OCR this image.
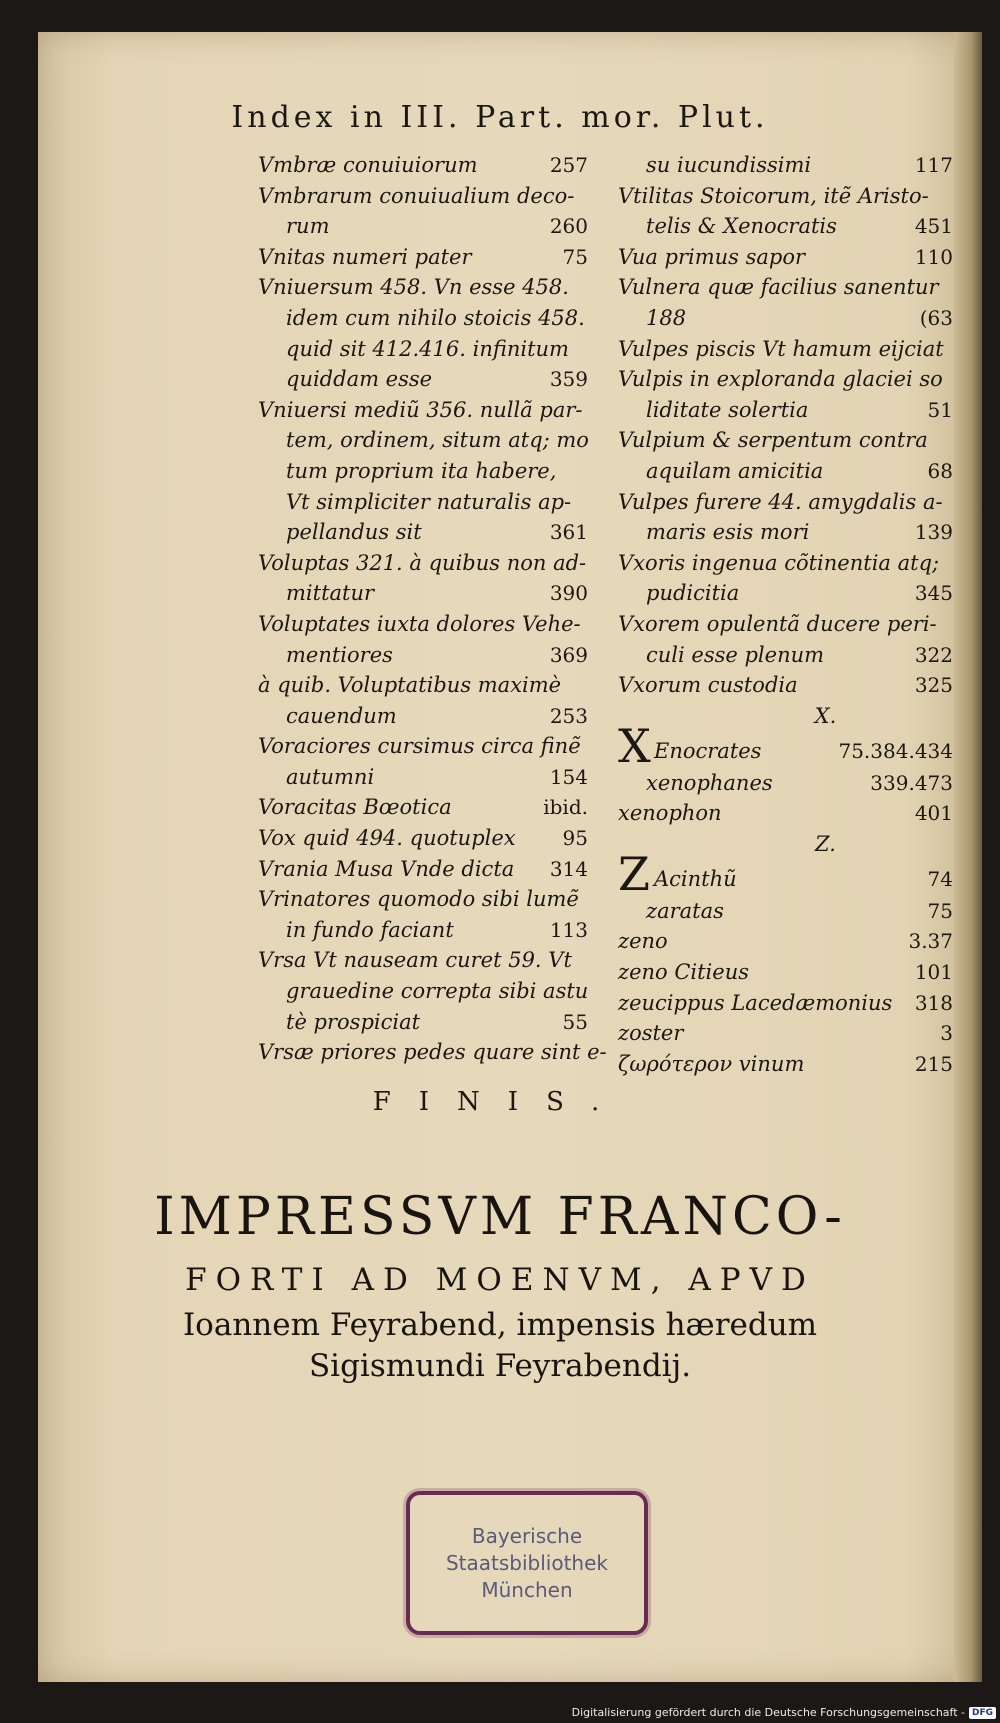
Index in III. Part. mor. Plut.
Vmbræ conuiuiorum	257
Vmbrarum conuiualium deco-
rum	260
Vnitas numeri pater	75
Vniuersum 458. Vn esse 458.
idem cum nihilo stoicis 458.
quid sit 412.416. infinitum
quiddam esse	359
Vniuersi mediũ 356. nullã par-
tem, ordinem, situm atq; mo
tum proprium ita habere,
Vt simpliciter naturalis ap-
pellandus sit	361
Voluptas 321. à quibus non ad-
mittatur	390
Voluptates iuxta dolores Vehe-
mentiores	369
à quib. Voluptatibus maximè
cauendum	253
Voraciores cursimus circa finẽ
autumni	154
Voracitas Bœotica	ibid.
Vox quid 494. quotuplex 95
Vrania Musa Vnde dicta 314
Vrinatores quomodo sibi lumẽ
in fundo faciant	113
Vrsa Vt nauseam curet 59. Vt
grauedine correpta sibi astu
tè prospiciat	55
Vrsæ priores pedes quare sint e-
su iucundissimi	117
Vtilitas Stoicorum, itẽ Aristo-
telis & Xenocratis	451
Vua primus sapor	110
Vulnera quæ facilius sanentur
188	(63
Vulpes piscis Vt hamum eijciat
Vulpis in exploranda glaciei so
liditate solertia	51
Vulpium & serpentum contra
aquilam amicitia	68
Vulpes furere 44. amygdalis a-
maris esis mori	139
Vxoris ingenua cõtinentia atq;
pudicitia	345
Vxorem opulentã ducere peri-
culi esse plenum	322
Vxorum custodia	325
X.
X Enocrates	75.384.434
xenophanes	339.473
xenophon	401
Z.
Z Acinthũ	74
zaratas	75
zeno	3.37
zeno Citieus	101
zeucippus Lacedæmonius 318
zoster	3
ζωρότερον vinum	215
FINIS.
IMPRESSVM FRANCO-
FORTI AD MOENVM, APVD
Ioannem Feyrabend, impensis hæredum
Sigismundi Feyrabendij.
Bayerische
Staatsbibliothek
München
Digitalisierung gefördert durch die Deutsche Forschungsgemeinschaft - DFG
